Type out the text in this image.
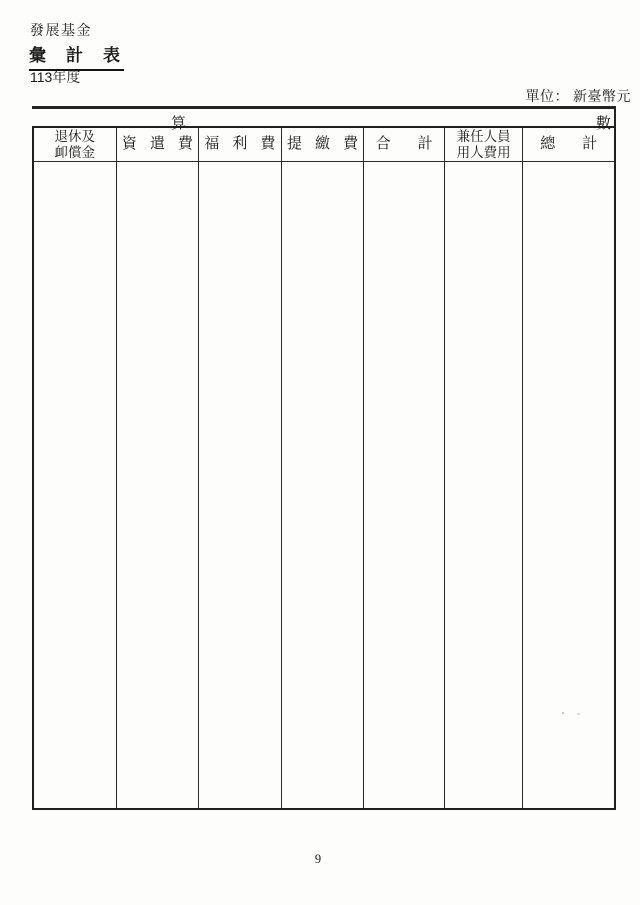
發展基金
彙計表
113年度
單位： 新臺幣元
算	數
退休及
卹償金 資遣費
福利費
提繳費 合計
兼任人員
用人費用 總計
9
